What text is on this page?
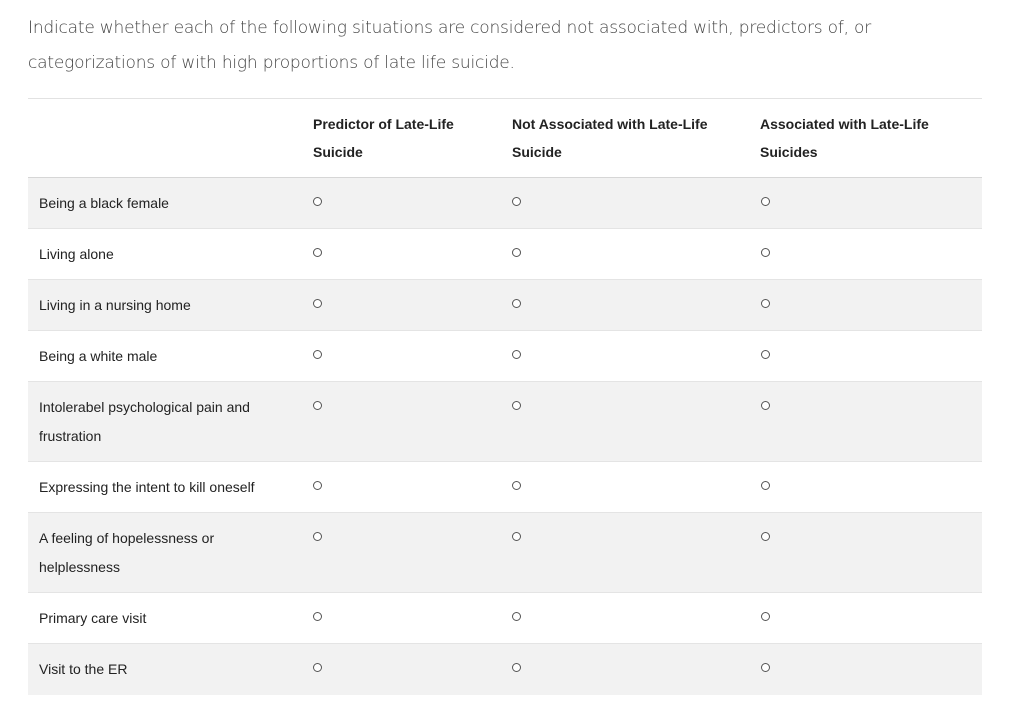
Indicate whether each of the following situations are considered not associated with, predictors of, or categorizations of with high proportions of late life suicide.
Predictor of Late-Life Suicide
Not Associated with Late-Life Suicide
Associated with Late-Life Suicides
Being a black female
Living alone
Living in a nursing home
Being a white male
Intolerabel psychological pain and frustration
Expressing the intent to kill oneself
A feeling of hopelessness or helplessness
Primary care visit
Visit to the ER
